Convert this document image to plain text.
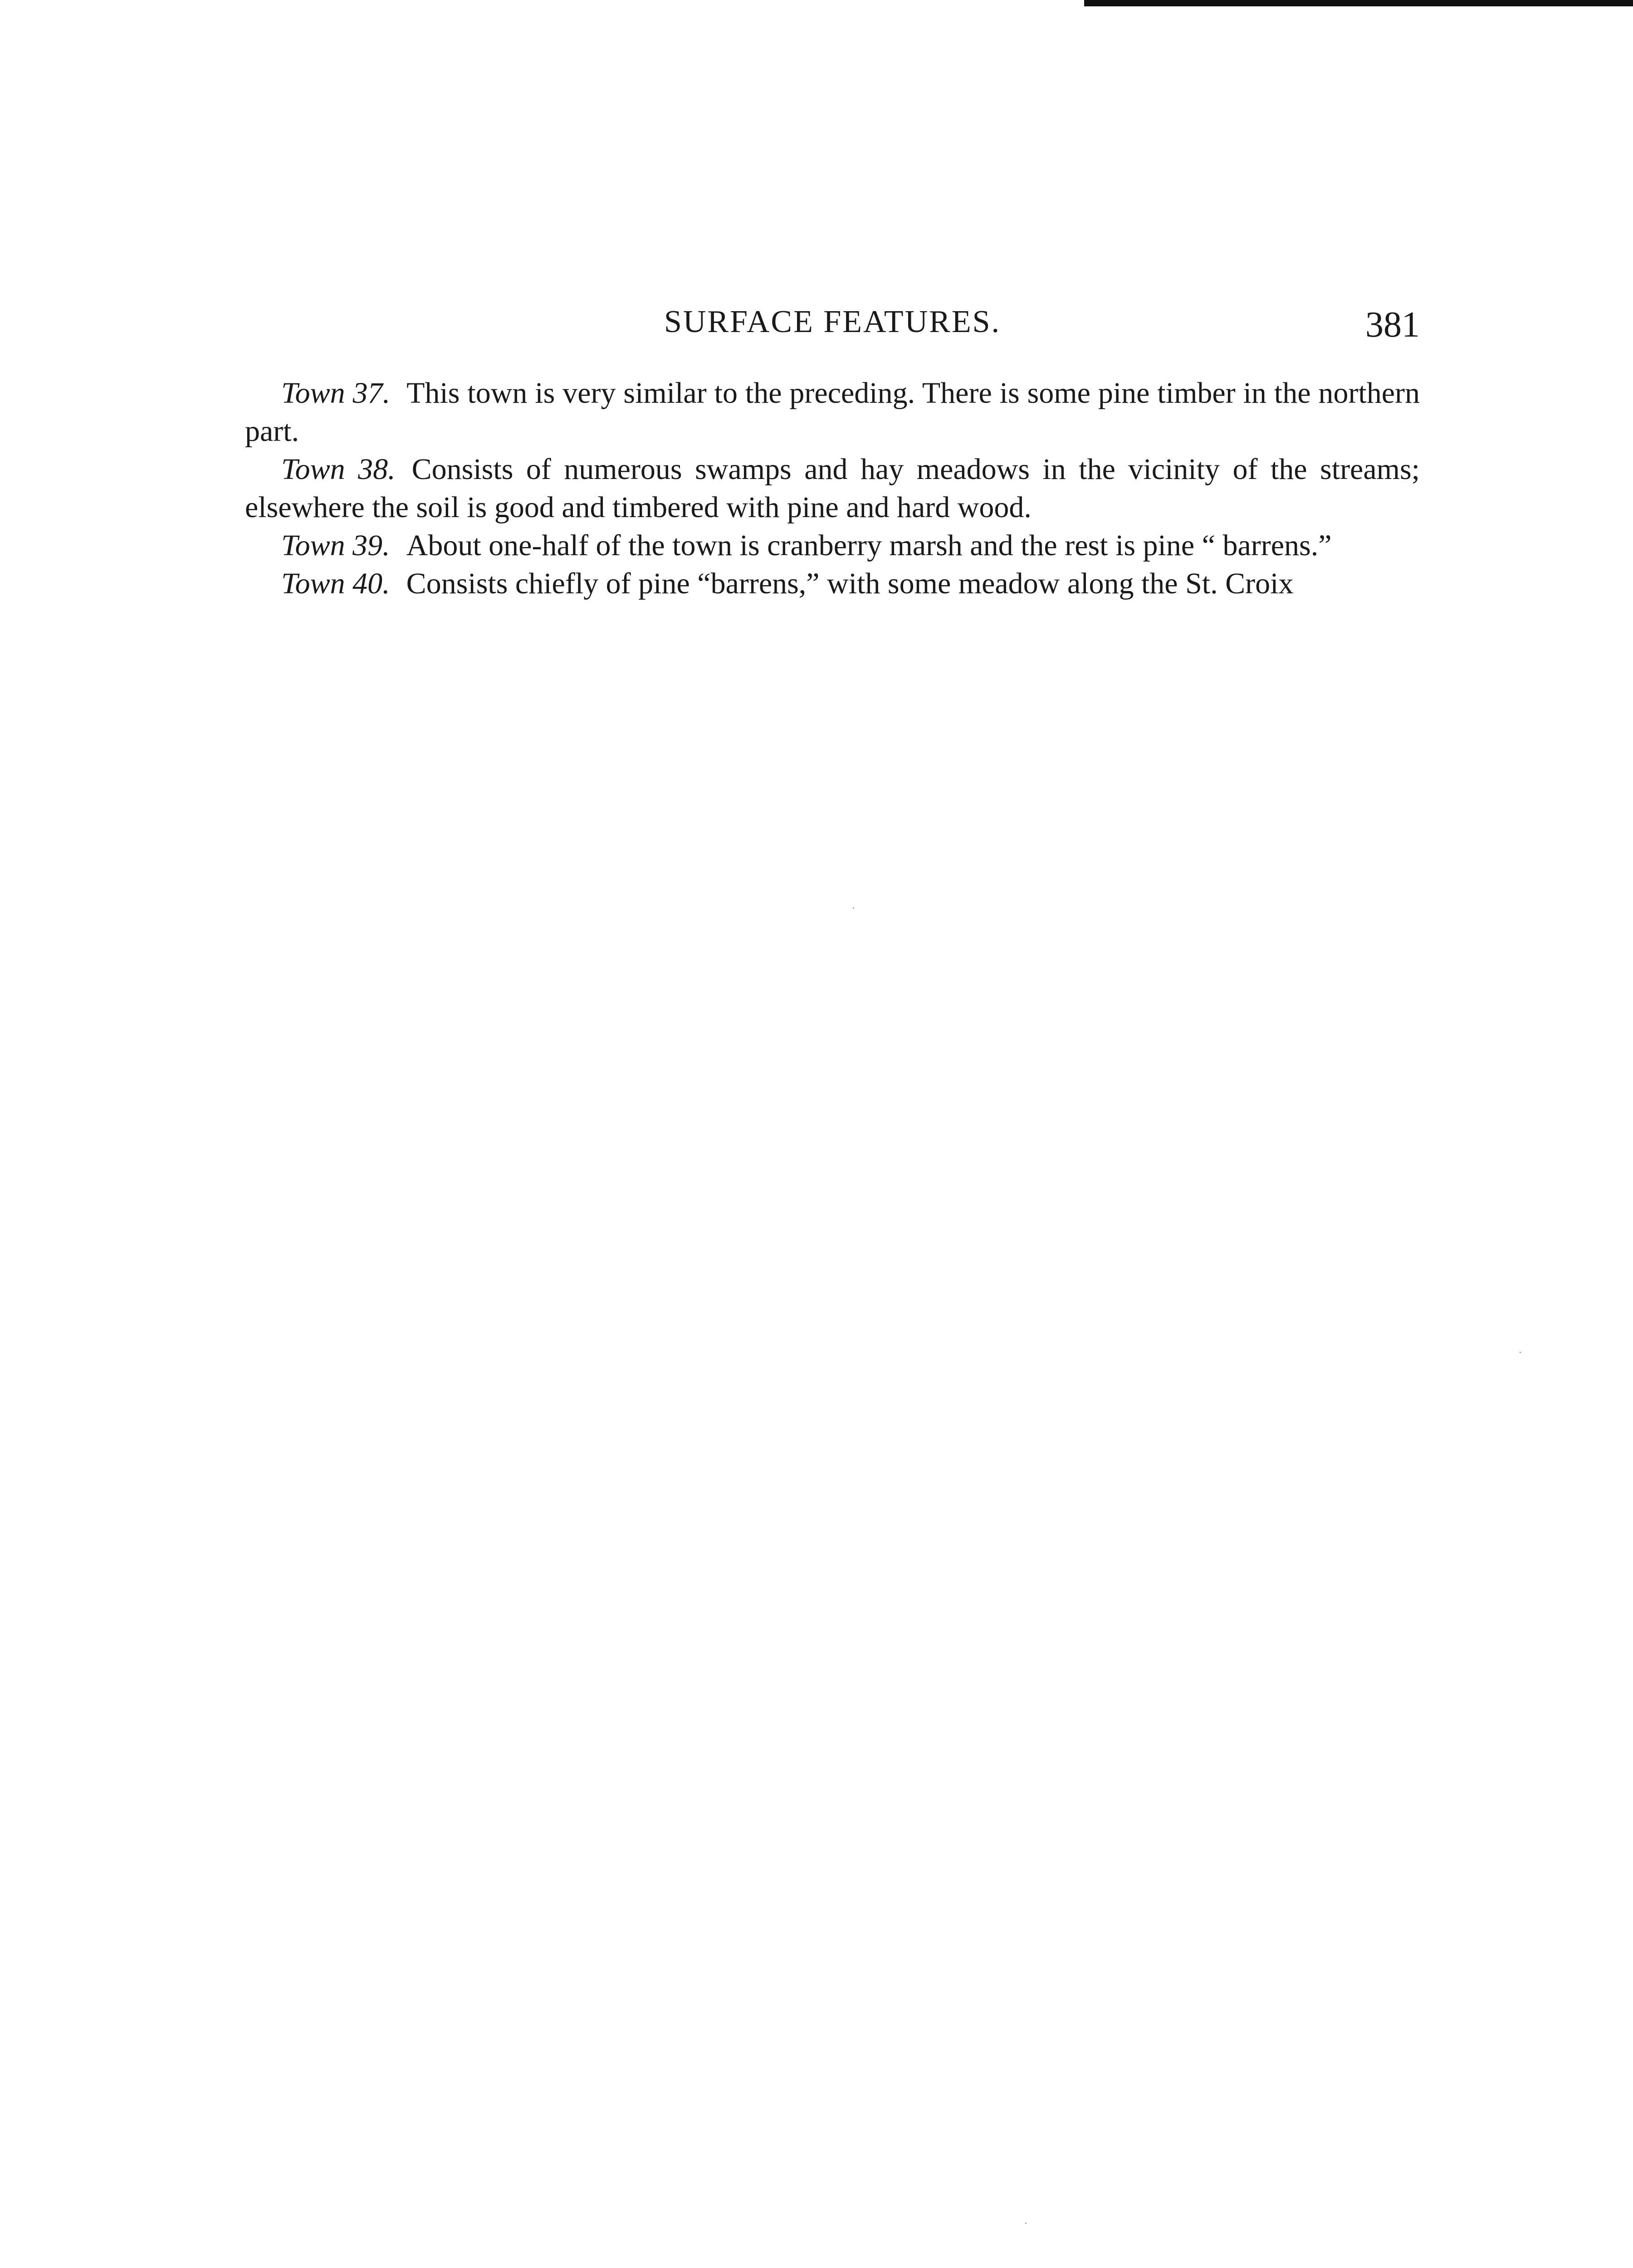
SURFACE FEATURES.	381

Town 37. This town is very similar to the preceding. There is some pine timber in the northern part.

Town 38. Consists of numerous swamps and hay meadows in the vicinity of the streams; elsewhere the soil is good and timbered with pine and hard wood.

Town 39. About one-half of the town is cranberry marsh and the rest is pine “ barrens.”

Town 40. Consists chiefly of pine “barrens,” with some meadow along the St. Croix
